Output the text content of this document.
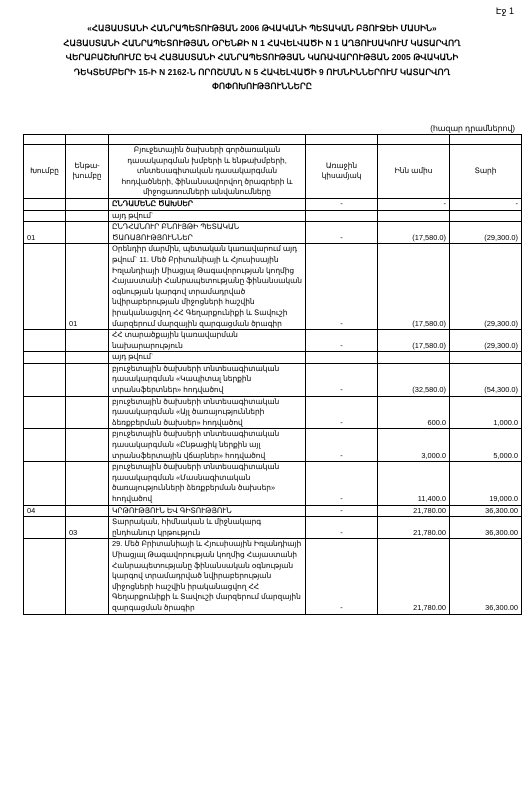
Էջ 1
«ՀԱՅԱՍՏԱՆԻ ՀԱՆՐԱՊԵՏՈՒԹՅԱՆ 2006 ԹՎԱԿԱՆԻ ՊԵՏԱԿԱՆ ԲՅՈՒՋԵԻ ՄԱՍԻՆ»
ՀԱՅԱՍՏԱՆԻ ՀԱՆՐԱՊԵՏՈՒԹՅԱՆ ՕՐԵՆՔԻ N 1 ՀԱՎԵԼՎԱԾԻ N 1 ԱՂՅՈՒՍԱԿՈՒՄ ԿԱՏԱՐՎՈՂ
ՎԵՐԱԲԱՇԽՈՒՄԸ ԵՎ ՀԱՅԱՍՏԱՆԻ ՀԱՆՐԱՊԵՏՈՒԹՅԱՆ ԿԱՌԱՎԱՐՈՒԹՅԱՆ 2005 ԹՎԱԿԱՆԻ
ԴԵԿՏԵՄԲԵՐԻ 15-Ի N 2162-Ն ՈՐՈՇՄԱՆ N 5 ՀԱՎԵԼՎԱԾԻ 9 ՈՒՍՆԻՆՆԵՐՈՒՄ ԿԱՏԱՐՎՈՂ
ՓՈՓՈԽՈՒԹՅՈՒՆՆԵՐԸ
(հազար դրամներով)

Խումբը	Ենթա-խումբը	Բյուջետային ծախսերի գործառական դասակարգման խմբերի և ենթախմբերի, տնտեսագիտական դասակարգման հոդվածների, ֆինանսավորվող ծրագրերի և միջոցառումների անվանումները	Առաջին կիսամյակ	Ինն ամիս	Տարի
		ԸՆԴԱՄԵՆԸ ԾԱԽՍԵՐ	-	-	-
		այդ թվում`			
01		ԸՆԴՀԱՆՈՒՐ ԲՆՈՒՅԹԻ ՊԵՏԱԿԱՆ ԾԱՌԱՅՈՒԹՅՈՒՆՆԵՐ	-	(17,580.0)	(29,300.0)
	01	Օրենդիր մարմին, պետական կառավարում այդ թվում` 11. Մեծ Բրիտանիայի և Հյուսիսային Իռլանդիայի Միացյալ Թագավորության կողմից Հայաստանի Հանրապետությանը ֆինանսական օգնության կարգով տրամադրված նվիրաբերության միջոցների հաշվին իրականացվող ՀՀ Գեղարքունիքի և Տավուշի մարզերում մարզային զարգացման ծրագիր	-	(17,580.0)	(29,300.0)
		ՀՀ տարածքային կառավարման նախարարություն	-	(17,580.0)	(29,300.0)
		այդ թվում`			
		բյուջետային ծախսերի տնտեսագիտական դասակարգման «Կապիտալ ներքին տրանսֆերտներ» հոդվածով	-	(32,580.0)	(54,300.0)
		բյուջետային ծախսերի տնտեսագիտական դասակարգման «Այլ ծառայությունների ձեռքբերման ծախսեր» հոդվածով	-	600.0	1,000.0
		բյուջետային ծախսերի տնտեսագիտական դասակարգման «Ընթացիկ ներքին այլ տրանսֆերտային վճարներ» հոդվածով	-	3,000.0	5,000.0
		բյուջետային ծախսերի տնտեսագիտական դասակարգման «Մասնագիտական ծառայությունների ձեռքբերման ծախսեր» հոդվածով	-	11,400.0	19,000.0
04		ԿՐԹՈՒԹՅՈՒՆ ԵՎ ԳԻՏՈՒԹՅՈՒՆ	-	21,780.00	36,300.00
	03	Տարրական, հիմնական և միջնակարգ ընդհանուր կրթություն	-	21,780.00	36,300.00
		29. Մեծ Բրիտանիայի և Հյուսիսային Իռլանդիայի Միացյալ Թագավորության կողմից Հայաստանի Հանրապետությանը ֆինանսական օգնության կարգով տրամադրված նվիրաբերության միջոցների հաշվին իրականացվող ՀՀ Գեղարքունիքի և Տավուշի մարզերում մարզային զարգացման ծրագիր	-	21,780.00	36,300.00
